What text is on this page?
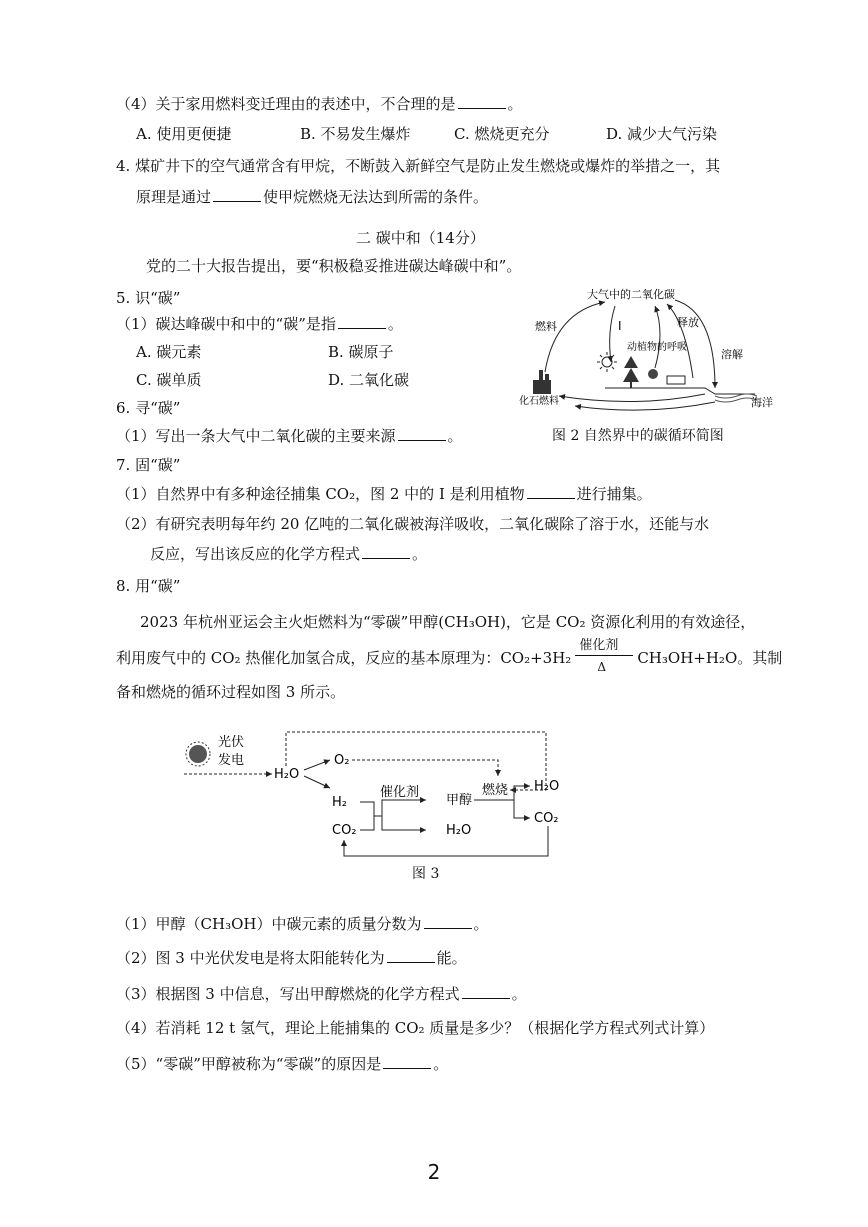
（4）关于家用燃料变迁理由的表述中，不合理的是	。
A. 使用更便捷	B. 不易发生爆炸	C. 燃烧更充分	D. 减少大气污染
4. 煤矿井下的空气通常含有甲烷，不断鼓入新鲜空气是防止发生燃烧或爆炸的举措之一，其
原理是通过	使甲烷燃烧无法达到所需的条件。
二 碳中和（14分）
党的二十大报告提出，要“积极稳妥推进碳达峰碳中和”。
5. 识“碳”
（1）碳达峰碳中和中的“碳”是指	。
A. 碳元素	B. 碳原子
C. 碳单质	D. 二氧化碳
6. 寻“碳”
（1）写出一条大气中二氧化碳的主要来源	。
大气中的二氧化碳
燃料	I
动植物的呼吸
释放
溶解
海洋
化石燃料
图 2 自然界中的碳循环简图
7. 固“碳”
（1）自然界中有多种途径捕集 CO₂，图 2 中的 I 是利用植物	进行捕集。
（2）有研究表明每年约 20 亿吨的二氧化碳被海洋吸收，二氧化碳除了溶于水，还能与水
反应，写出该反应的化学方程式	。
8. 用“碳”
2023 年杭州亚运会主火炬燃料为“零碳”甲醇(CH₃OH)，它是 CO₂ 资源化利用的有效途径，
利用废气中的 CO₂ 热催化加氢合成，反应的基本原理为：CO₂+3H₂
催化剂
Δ CH₃OH+H₂O。其制
备和燃烧的循环过程如图 3 所示。
光伏
发电
H₂O
O₂
H₂
CO₂
催化剂
甲醇
H₂O
燃烧 H₂O
CO₂
图 3
（1）甲醇（CH₃OH）中碳元素的质量分数为	。
（2）图 3 中光伏发电是将太阳能转化为	能。
（3）根据图 3 中信息，写出甲醇燃烧的化学方程式	。
（4）若消耗 12 t 氢气，理论上能捕集的 CO₂ 质量是多少？（根据化学方程式列式计算）
（5）“零碳”甲醇被称为“零碳”的原因是	。
2
